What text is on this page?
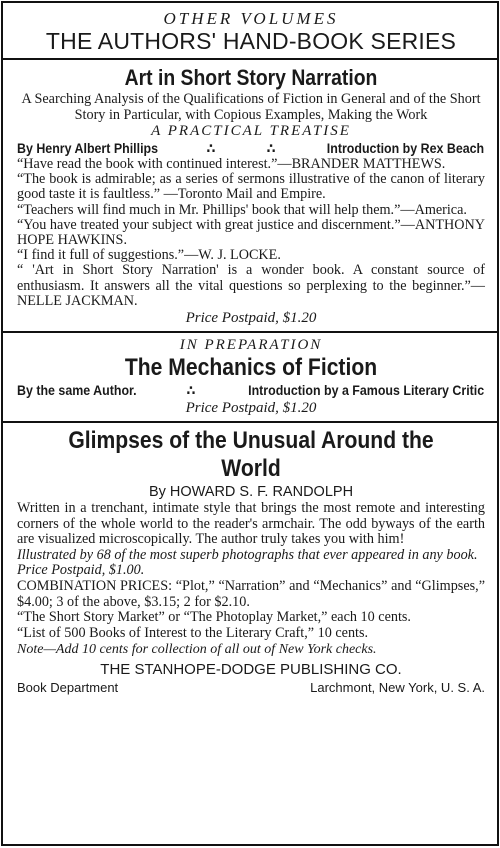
OTHER VOLUMES
THE AUTHORS' HAND-BOOK SERIES
Art in Short Story Narration
A Searching Analysis of the Qualifications of Fiction in General and of the Short Story in Particular, with Copious Examples, Making the Work
A PRACTICAL TREATISE
By Henry Albert Phillips	∴	∴	Introduction by Rex Beach
“Have read the book with continued interest.”—BRANDER MATTHEWS.
“The book is admirable; as a series of sermons illustrative of the canon of literary good taste it is faultless.” —Toronto Mail and Empire.
“Teachers will find much in Mr. Phillips' book that will help them.”—America.
“You have treated your subject with great justice and discernment.”—ANTHONY HOPE HAWKINS.
“I find it full of suggestions.”—W. J. LOCKE.
“ 'Art in Short Story Narration' is a wonder book. A constant source of enthusiasm. It answers all the vital questions so perplexing to the beginner.”—NELLE JACKMAN.
Price Postpaid, $1.20
IN PREPARATION
The Mechanics of Fiction
By the same Author.	∴	Introduction by a Famous Literary Critic
Price Postpaid, $1.20
Glimpses of the Unusual Around the World
By HOWARD S. F. RANDOLPH
Written in a trenchant, intimate style that brings the most remote and interesting corners of the whole world to the reader's armchair. The odd byways of the earth are visualized microscopically. The author truly takes you with him!
Illustrated by 68 of the most superb photographs that ever appeared in any book. Price Postpaid, $1.00.
COMBINATION PRICES: “Plot,” “Narration” and “Mechanics” and “Glimpses,” $4.00; 3 of the above, $3.15; 2 for $2.10.
“The Short Story Market” or “The Photoplay Market,” each 10 cents.
“List of 500 Books of Interest to the Literary Craft,” 10 cents.
Note—Add 10 cents for collection of all out of New York checks.
THE STANHOPE-DODGE PUBLISHING CO.
Book Department	Larchmont, New York, U. S. A.
